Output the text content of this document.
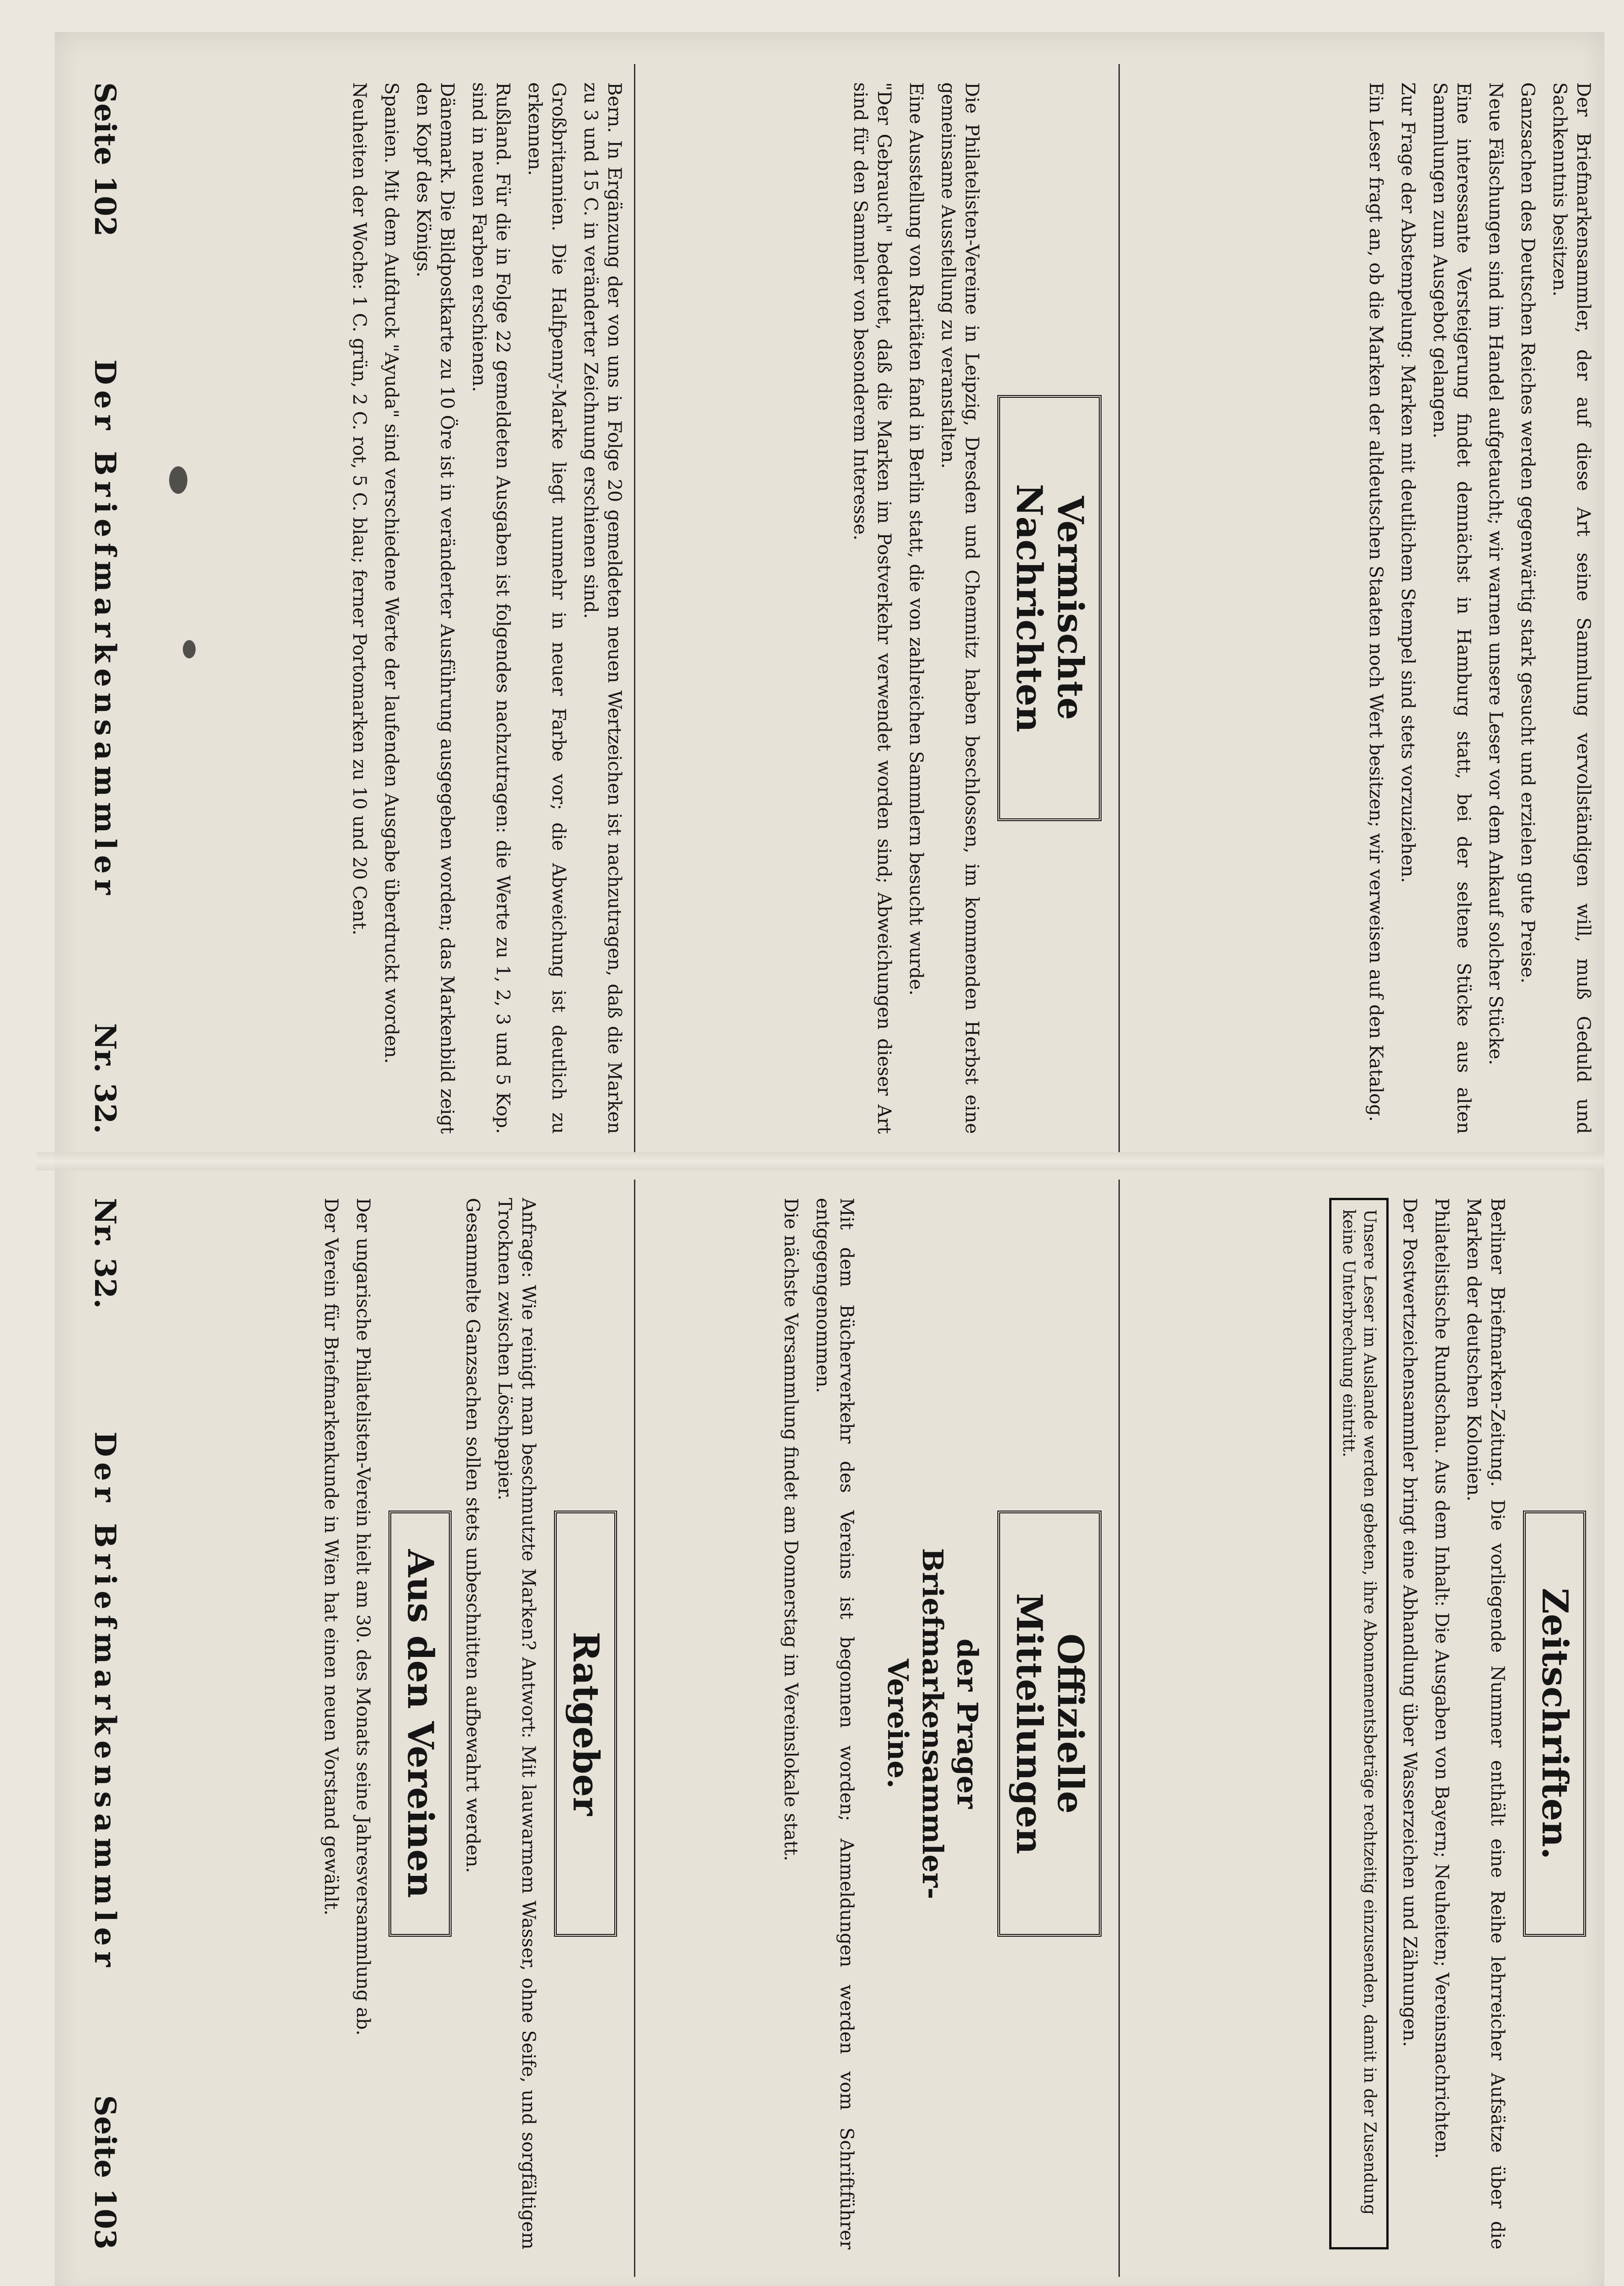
Seite 102
Der Briefmarkensammler
Nr. 32.	Bern. In Ergänzung der von uns in Folge 20 gemeldeten neuen Wertzeichen ist nachzutragen, daß die Marken zu 3 und 15 C. in veränderter Zeichnung erschienen sind.

Großbritannien. Die Halfpenny-Marke liegt nunmehr in neuer Farbe vor; die Abweichung ist deutlich zu erkennen.

Rußland. Für die in Folge 22 gemeldeten Ausgaben ist folgendes nachzutragen: die Werte zu 1, 2, 3 und 5 Kop. sind in neuen Farben erschienen.

Dänemark. Die Bildpostkarte zu 10 Öre ist in veränderter Ausführung ausgegeben worden; das Markenbild zeigt den Kopf des Königs.

Spanien. Mit dem Aufdruck "Ayuda" sind verschiedene Werte der laufenden Ausgabe überdruckt worden.

Neuheiten der Woche: 1 C. grün, 2 C. rot, 5 C. blau; ferner Portomarken zu 10 und 20 Cent.	Vermischte Nachrichten

Die Philatelisten-Vereine in Leipzig, Dresden und Chemnitz haben beschlossen, im kommenden Herbst eine gemeinsame Ausstellung zu veranstalten.

Eine Ausstellung von Raritäten fand in Berlin statt, die von zahlreichen Sammlern besucht wurde.

"Der Gebrauch" bedeutet, daß die Marken im Postverkehr verwendet worden sind; Abweichungen dieser Art sind für den Sammler von besonderem Interesse.	Der Briefmarkensammler, der auf diese Art seine Sammlung vervollständigen will, muß Geduld und Sachkenntnis besitzen.

Ganzsachen des Deutschen Reiches werden gegenwärtig stark gesucht und erzielen gute Preise.

Neue Fälschungen sind im Handel aufgetaucht; wir warnen unsere Leser vor dem Ankauf solcher Stücke.

Eine interessante Versteigerung findet demnächst in Hamburg statt, bei der seltene Stücke aus alten Sammlungen zum Ausgebot gelangen.

Zur Frage der Abstempelung: Marken mit deutlichem Stempel sind stets vorzuziehen.

Ein Leser fragt an, ob die Marken der altdeutschen Staaten noch Wert besitzen; wir verweisen auf den Katalog.

Nr. 32.
Der Briefmarkensammler
Seite 103
Ratgeber

Anfrage: Wie reinigt man beschmutzte Marken? Antwort: Mit lauwarmem Wasser, ohne Seife, und sorgfältigem Trocknen zwischen Löschpapier.

Gesammelte Ganzsachen sollen stets unbeschnitten aufbewahrt werden.

Aus den Vereinen

Der ungarische Philatelisten-Verein hielt am 30. des Monats seine Jahresversammlung ab.

Der Verein für Briefmarkenkunde in Wien hat einen neuen Vorstand gewählt.	Offizielle Mitteilungen
der Prager Briefmarkensammler-Vereine.

Mit dem Bücherverkehr des Vereins ist begonnen worden; Anmeldungen werden vom Schriftführer entgegengenommen.

Die nächste Versammlung findet am Donnerstag im Vereinslokale statt.	Zeitschriften.

Berliner Briefmarken-Zeitung. Die vorliegende Nummer enthält eine Reihe lehrreicher Aufsätze über die Marken der deutschen Kolonien.

Philatelistische Rundschau. Aus dem Inhalt: Die Ausgaben von Bayern; Neuheiten; Vereinsnachrichten.

Der Postwertzeichensammler bringt eine Abhandlung über Wasserzeichen und Zähnungen.

Unsere Leser im Auslande werden gebeten, ihre Abonnementsbeträge rechtzeitig einzusenden, damit in der Zusendung keine Unterbrechung eintritt.
